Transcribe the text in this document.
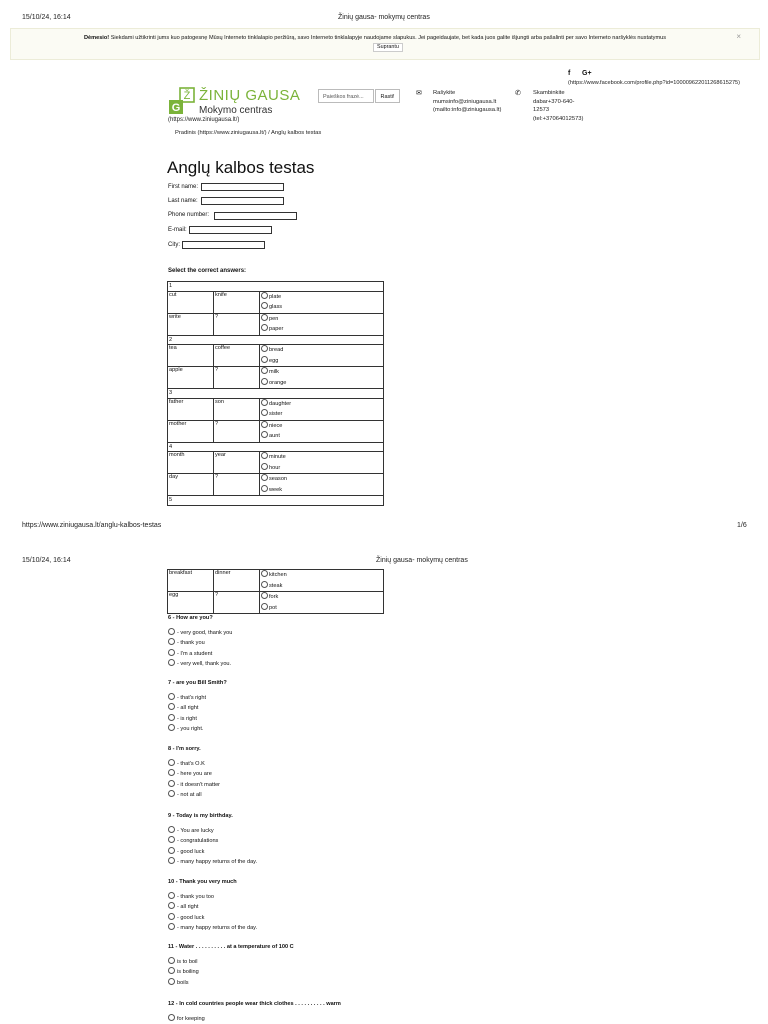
15/10/24, 16:14	Žinių gausa- mokymų centras
Dėmesio! Siekdami užtikrinti jums kuo patogesnę Mūsų Interneto tinklalapio peržiūrą, savo Interneto tinklalapyje naudojame slapukus. Jei pageidaujate, bet kada juos galite išjungti arba pašalinti per savo Interneto naršyklės nustatymus
Suprantu
×
f G+
(https://www.facebook.com/profile.php?id=100009622011268615275)
Ž
G
ŽINIŲ GAUSA
Mokymo centras
(https://www.ziniugausa.lt/)
Paieškos frazė...	Rasti!	✉ Rašykite
mumsinfo@ziniugausa.lt
(mailto:info@ziniugausa.lt)
✆ Skambinkite
dabar+370-640-
12573
(tel:+37064012573)
Pradinis (https://www.ziniugausa.lt/) / Anglų kalbos testas
Anglų kalbos testas
First name:
Last name:
Phone number:
E-mail:
City:
Select the correct answers:
1		
cut	knife	plate
glass

write	?	pen
paper

2		
tea	coffee	bread
egg

apple	?	milk
orange

3		
father	son	daughter
sister

mother	?	niece
aunt

4		
month	year	minute
hour

day	?	season
week

5		
https://www.ziniugausa.lt/anglu-kalbos-testas	1/6
15/10/24, 16:14	Žinių gausa- mokymų centras
breakfast	dinner	kitchen
steak

egg	?	fork
pot
6 - How are you?
- very good, thank you
- thank you
- I'm a student
- very well, thank you.
7 - are you Bill Smith?
- that's right
- all right
- is right
- you right.
8 - I'm sorry.
- that's O.K
- here you are
- it doesn't matter
- not at all
9 - Today is my birthday.
- You are lucky
- congratulations
- good luck
- many happy returns of the day.
10 - Thank you very much
- thank you too
- all right
- good luck
- many happy returns of the day.
11 - Water . . . . . . . . . . at a temperature of 100 C
is to boil
is boiling
boils
12 - In cold countries people wear thick clothes . . . . . . . . . . warm
for keeping
